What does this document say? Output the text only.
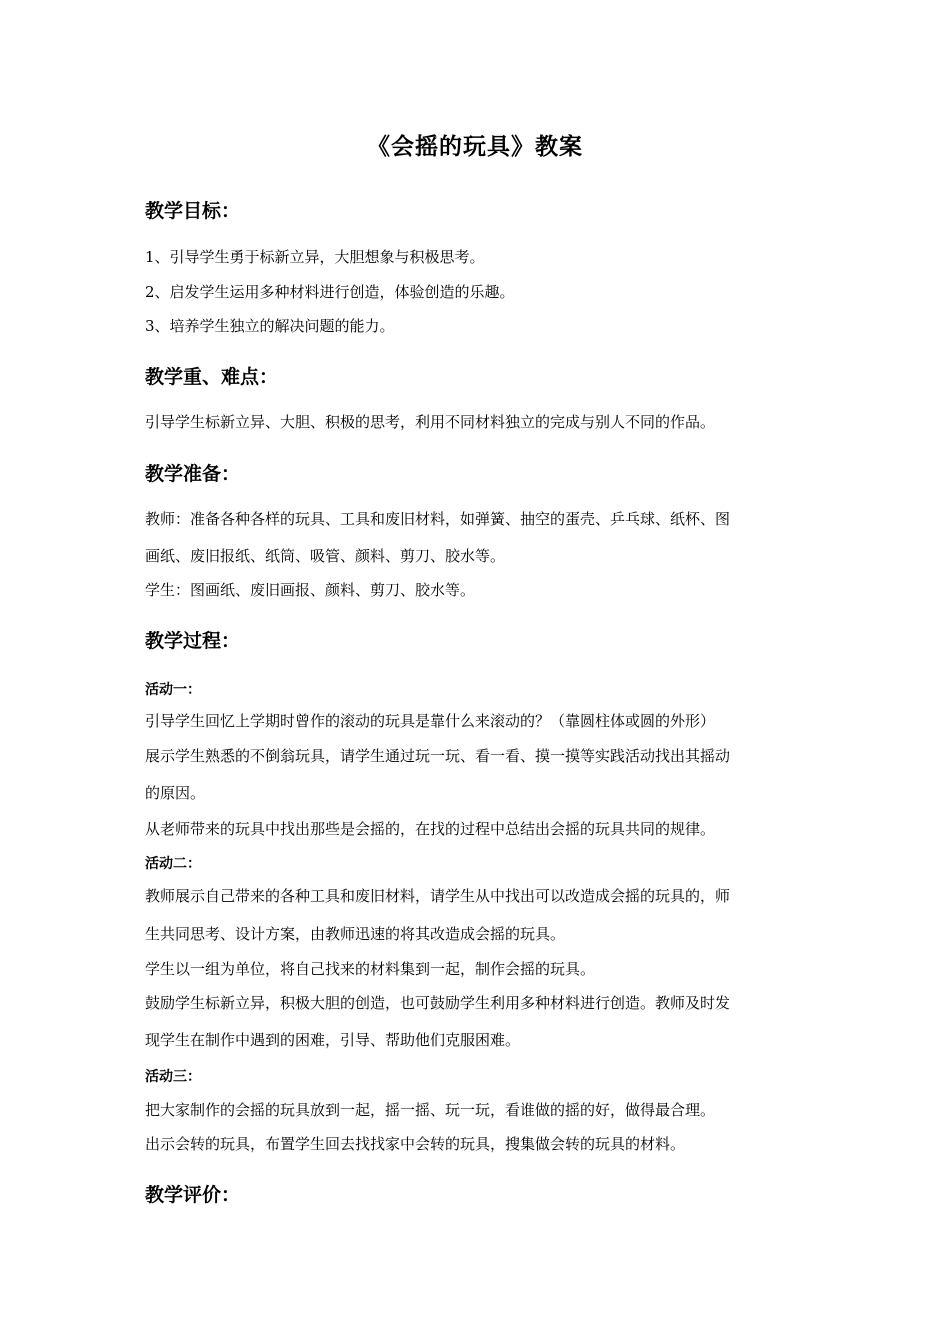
《会摇的玩具》教案
教学目标：
1、引导学生勇于标新立异，大胆想象与积极思考。
2、启发学生运用多种材料进行创造，体验创造的乐趣。
3、培养学生独立的解决问题的能力。
教学重、难点：
引导学生标新立异、大胆、积极的思考，利用不同材料独立的完成与别人不同的作品。
教学准备：
教师：准备各种各样的玩具、工具和废旧材料，如弹簧、抽空的蛋壳、乒乓球、纸杯、图
画纸、废旧报纸、纸筒、吸管、颜料、剪刀、胶水等。
学生：图画纸、废旧画报、颜料、剪刀、胶水等。
教学过程：
活动一：
引导学生回忆上学期时曾作的滚动的玩具是靠什么来滚动的？（靠圆柱体或圆的外形）
展示学生熟悉的不倒翁玩具，请学生通过玩一玩、看一看、摸一摸等实践活动找出其摇动
的原因。
从老师带来的玩具中找出那些是会摇的，在找的过程中总结出会摇的玩具共同的规律。
活动二：
教师展示自己带来的各种工具和废旧材料，请学生从中找出可以改造成会摇的玩具的，师
生共同思考、设计方案，由教师迅速的将其改造成会摇的玩具。
学生以一组为单位，将自己找来的材料集到一起，制作会摇的玩具。
鼓励学生标新立异，积极大胆的创造，也可鼓励学生利用多种材料进行创造。教师及时发
现学生在制作中遇到的困难，引导、帮助他们克服困难。
活动三：
把大家制作的会摇的玩具放到一起，摇一摇、玩一玩，看谁做的摇的好，做得最合理。
出示会转的玩具，布置学生回去找找家中会转的玩具，搜集做会转的玩具的材料。
教学评价：
